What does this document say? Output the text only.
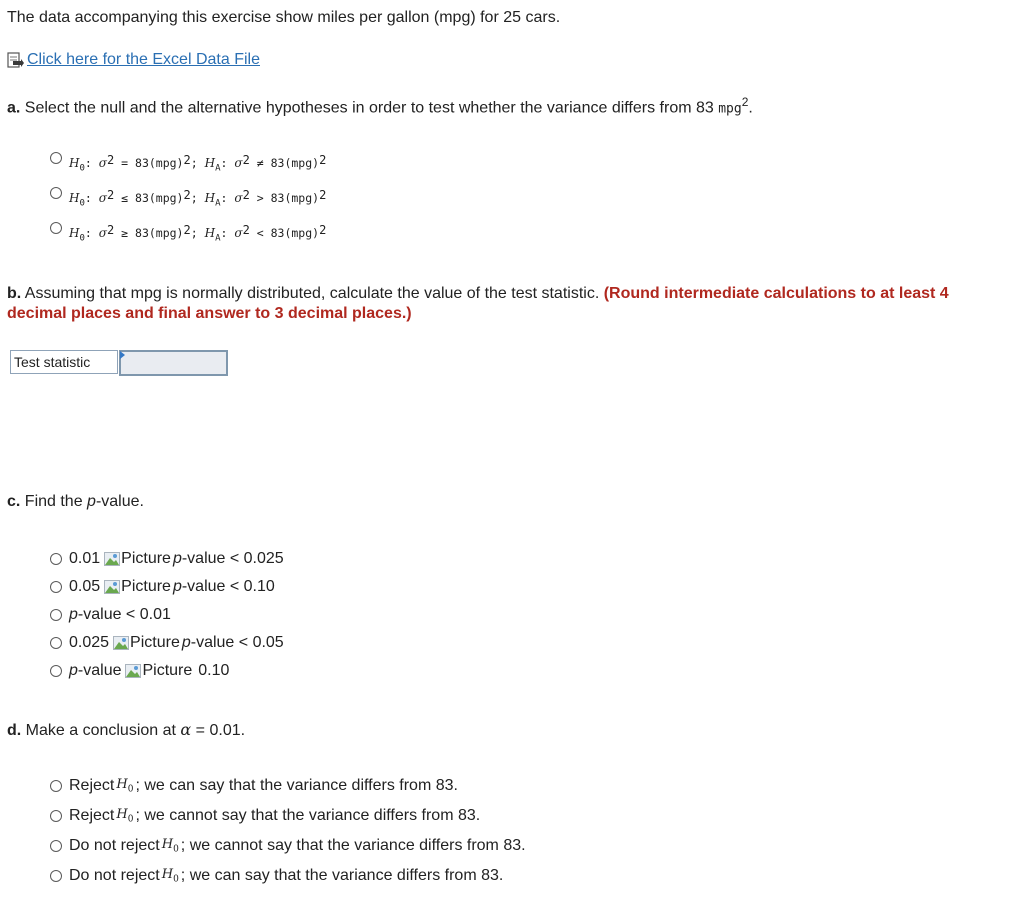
The data accompanying this exercise show miles per gallon (mpg) for 25 cars.
Click here for the Excel Data File
a. Select the null and the alternative hypotheses in order to test whether the variance differs from 83 mpg$^2$.
$H_0$: $\sigma^2 = 83(mpg)^2$; $H_A$: $\sigma^2 \ne 83(mpg)^2$
$H_0$: $\sigma^2 \le 83(mpg)^2$; $H_A$: $\sigma^2 > 83(mpg)^2$
$H_0$: $\sigma^2 \ge 83(mpg)^2$; $H_A$: $\sigma^2 < 83(mpg)^2$
b. Assuming that mpg is normally distributed, calculate the value of the test statistic. (Round intermediate calculations to at least 4
decimal places and final answer to 3 decimal places.)
Test statistic
c. Find the p-value.
0.01 Picture p -value < 0.025
0.05 Picture p -value < 0.10
p -value < 0.01
0.025 Picture p -value < 0.05
p -value Picture 0.10
d. Make a conclusion at α = 0.01.
Reject $H_0$ ; we can say that the variance differs from 83.
Reject $H_0$ ; we cannot say that the variance differs from 83.
Do not reject $H_0$ ; we cannot say that the variance differs from 83.
Do not reject $H_0$ ; we can say that the variance differs from 83.
